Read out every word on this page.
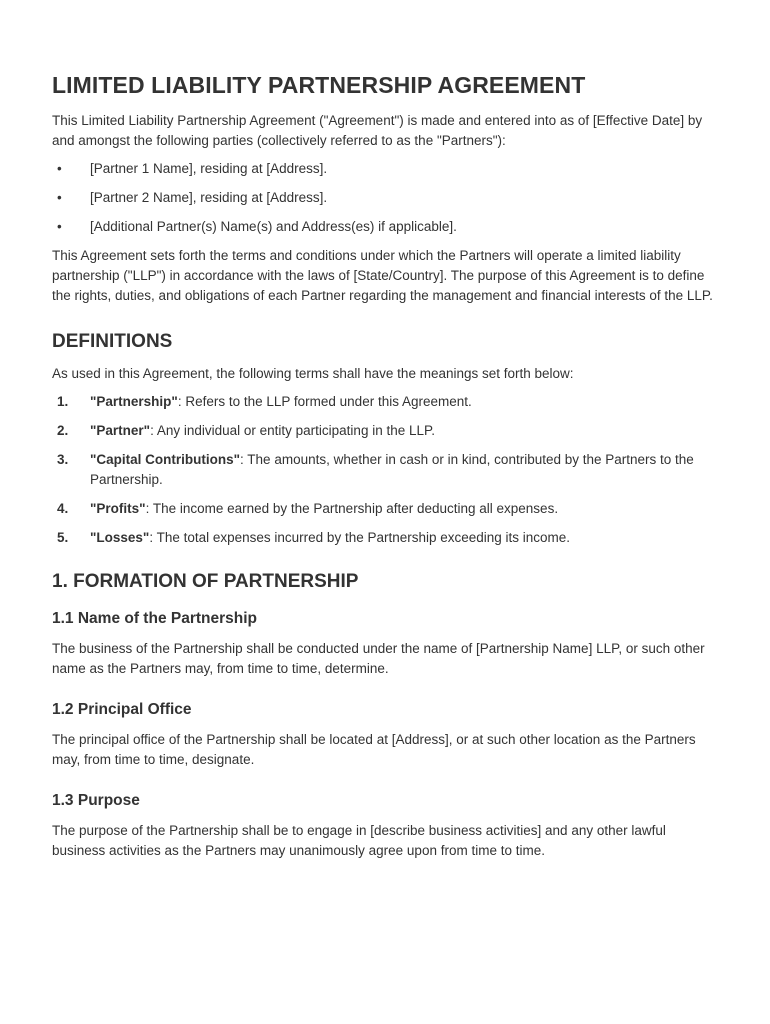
LIMITED LIABILITY PARTNERSHIP AGREEMENT

This Limited Liability Partnership Agreement ("Agreement") is made and entered into as of [Effective Date] by and amongst the following parties (collectively referred to as the "Partners"):

•	[Partner 1 Name], residing at [Address].
•	[Partner 2 Name], residing at [Address].
•	[Additional Partner(s) Name(s) and Address(es) if applicable].

This Agreement sets forth the terms and conditions under which the Partners will operate a limited liability partnership ("LLP") in accordance with the laws of [State/Country]. The purpose of this Agreement is to define the rights, duties, and obligations of each Partner regarding the management and financial interests of the LLP.

DEFINITIONS

As used in this Agreement, the following terms shall have the meanings set forth below:

1.	"Partnership": Refers to the LLP formed under this Agreement.
2.	"Partner": Any individual or entity participating in the LLP.
3.	"Capital Contributions": The amounts, whether in cash or in kind, contributed by the Partners to the Partnership.
4.	"Profits": The income earned by the Partnership after deducting all expenses.
5.	"Losses": The total expenses incurred by the Partnership exceeding its income.
1. FORMATION OF PARTNERSHIP
1.1 Name of the Partnership

The business of the Partnership shall be conducted under the name of [Partnership Name] LLP, or such other name as the Partners may, from time to time, determine.

1.2 Principal Office

The principal office of the Partnership shall be located at [Address], or at such other location as the Partners may, from time to time, designate.

1.3 Purpose

The purpose of the Partnership shall be to engage in [describe business activities] and any other lawful business activities as the Partners may unanimously agree upon from time to time.
